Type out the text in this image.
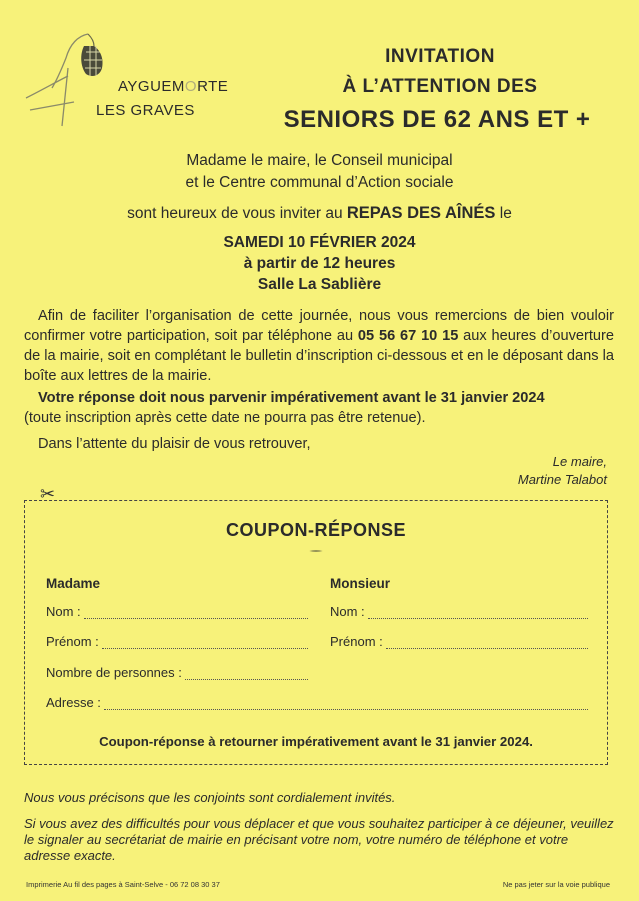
AYGUEMORTE
LES GRAVES
INVITATION
À L’ATTENTION DES
SENIORS DE 62 ANS ET +
Madame le maire, le Conseil municipal
et le Centre communal d’Action sociale
sont heureux de vous inviter au REPAS DES AÎNÉS le
SAMEDI 10 FÉVRIER 2024
à partir de 12 heures
Salle La Sablière
Afin de faciliter l’organisation de cette journée, nous vous remercions de bien vouloir confirmer votre participation, soit par téléphone au 05 56 67 10 15 aux heures d’ouverture de la mairie, soit en complétant le bulletin d’inscription ci-dessous et en le déposant dans la boîte aux lettres de la mairie.
Votre réponse doit nous parvenir impérativement avant le 31 janvier 2024
(toute inscription après cette date ne pourra pas être retenue).
Dans l’attente du plaisir de vous retrouver,
Le maire,
Martine Talabot
✂
COUPON-RÉPONSE
Madame	Monsieur
Nom :	Nom :
Prénom :	Prénom :
Nombre de personnes :
Adresse :
Coupon-réponse à retourner impérativement avant le 31 janvier 2024.
Nous vous précisons que les conjoints sont cordialement invités.
Si vous avez des difficultés pour vous déplacer et que vous souhaitez participer à ce déjeuner, veuillez le signaler au secrétariat de mairie en précisant votre nom, votre numéro de téléphone et votre adresse exacte.
Imprimerie Au fil des pages à Saint-Selve - 06 72 08 30 37	Ne pas jeter sur la voie publique
